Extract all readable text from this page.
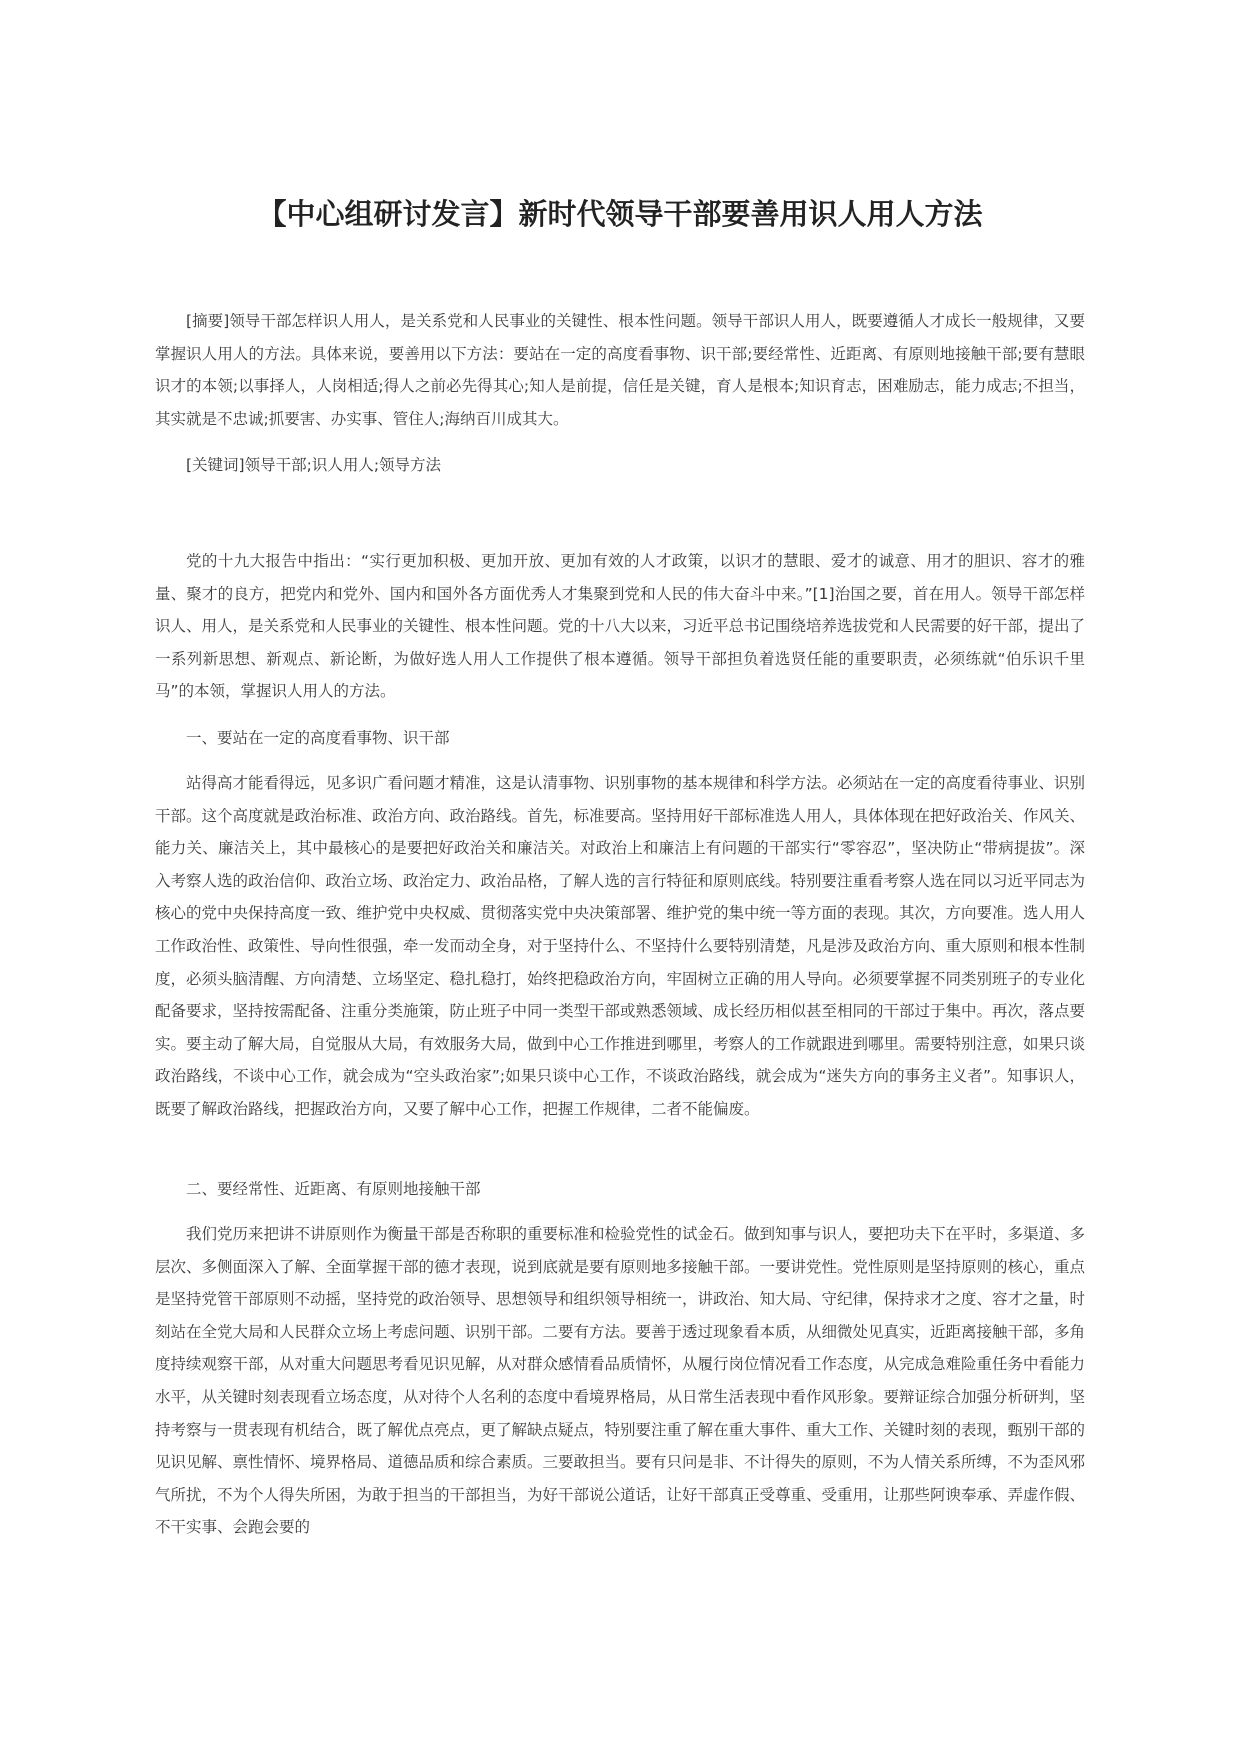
【中心组研讨发言】新时代领导干部要善用识人用人方法

[摘要]领导干部怎样识人用人，是关系党和人民事业的关键性、根本性问题。领导干部识人用人，既要遵循人才成长一般规律，又要掌握识人用人的方法。具体来说，要善用以下方法：要站在一定的高度看事物、识干部;要经常性、近距离、有原则地接触干部;要有慧眼识才的本领;以事择人，人岗相适;得人之前必先得其心;知人是前提，信任是关键，育人是根本;知识育志，困难励志，能力成志;不担当，其实就是不忠诚;抓要害、办实事、管住人;海纳百川成其大。

[关键词]领导干部;识人用人;领导方法

党的十九大报告中指出：“实行更加积极、更加开放、更加有效的人才政策，以识才的慧眼、爱才的诚意、用才的胆识、容才的雅量、聚才的良方，把党内和党外、国内和国外各方面优秀人才集聚到党和人民的伟大奋斗中来。”[1]治国之要，首在用人。领导干部怎样识人、用人，是关系党和人民事业的关键性、根本性问题。党的十八大以来，习近平总书记围绕培养选拔党和人民需要的好干部，提出了一系列新思想、新观点、新论断，为做好选人用人工作提供了根本遵循。领导干部担负着选贤任能的重要职责，必须练就“伯乐识千里马”的本领，掌握识人用人的方法。

一、要站在一定的高度看事物、识干部

站得高才能看得远，见多识广看问题才精准，这是认清事物、识别事物的基本规律和科学方法。必须站在一定的高度看待事业、识别干部。这个高度就是政治标准、政治方向、政治路线。首先，标准要高。坚持用好干部标准选人用人，具体体现在把好政治关、作风关、能力关、廉洁关上，其中最核心的是要把好政治关和廉洁关。对政治上和廉洁上有问题的干部实行“零容忍”，坚决防止“带病提拔”。深入考察人选的政治信仰、政治立场、政治定力、政治品格，了解人选的言行特征和原则底线。特别要注重看考察人选在同以习近平同志为核心的党中央保持高度一致、维护党中央权威、贯彻落实党中央决策部署、维护党的集中统一等方面的表现。其次，方向要准。选人用人工作政治性、政策性、导向性很强，牵一发而动全身，对于坚持什么、不坚持什么要特别清楚，凡是涉及政治方向、重大原则和根本性制度，必须头脑清醒、方向清楚、立场坚定、稳扎稳打，始终把稳政治方向，牢固树立正确的用人导向。必须要掌握不同类别班子的专业化配备要求，坚持按需配备、注重分类施策，防止班子中同一类型干部或熟悉领域、成长经历相似甚至相同的干部过于集中。再次，落点要实。要主动了解大局，自觉服从大局，有效服务大局，做到中心工作推进到哪里，考察人的工作就跟进到哪里。需要特别注意，如果只谈政治路线，不谈中心工作，就会成为“空头政治家”;如果只谈中心工作，不谈政治路线，就会成为“迷失方向的事务主义者”。知事识人，既要了解政治路线，把握政治方向，又要了解中心工作，把握工作规律，二者不能偏废。

二、要经常性、近距离、有原则地接触干部

我们党历来把讲不讲原则作为衡量干部是否称职的重要标准和检验党性的试金石。做到知事与识人，要把功夫下在平时，多渠道、多层次、多侧面深入了解、全面掌握干部的德才表现，说到底就是要有原则地多接触干部。一要讲党性。党性原则是坚持原则的核心，重点是坚持党管干部原则不动摇，坚持党的政治领导、思想领导和组织领导相统一，讲政治、知大局、守纪律，保持求才之度、容才之量，时刻站在全党大局和人民群众立场上考虑问题、识别干部。二要有方法。要善于透过现象看本质，从细微处见真实，近距离接触干部，多角度持续观察干部，从对重大问题思考看见识见解，从对群众感情看品质情怀，从履行岗位情况看工作态度，从完成急难险重任务中看能力水平，从关键时刻表现看立场态度，从对待个人名利的态度中看境界格局，从日常生活表现中看作风形象。要辩证综合加强分析研判，坚持考察与一贯表现有机结合，既了解优点亮点，更了解缺点疑点，特别要注重了解在重大事件、重大工作、关键时刻的表现，甄别干部的见识见解、禀性情怀、境界格局、道德品质和综合素质。三要敢担当。要有只问是非、不计得失的原则，不为人情关系所缚，不为歪风邪气所扰，不为个人得失所困，为敢于担当的干部担当，为好干部说公道话，让好干部真正受尊重、受重用，让那些阿谀奉承、弄虚作假、不干实事、会跑会要的
